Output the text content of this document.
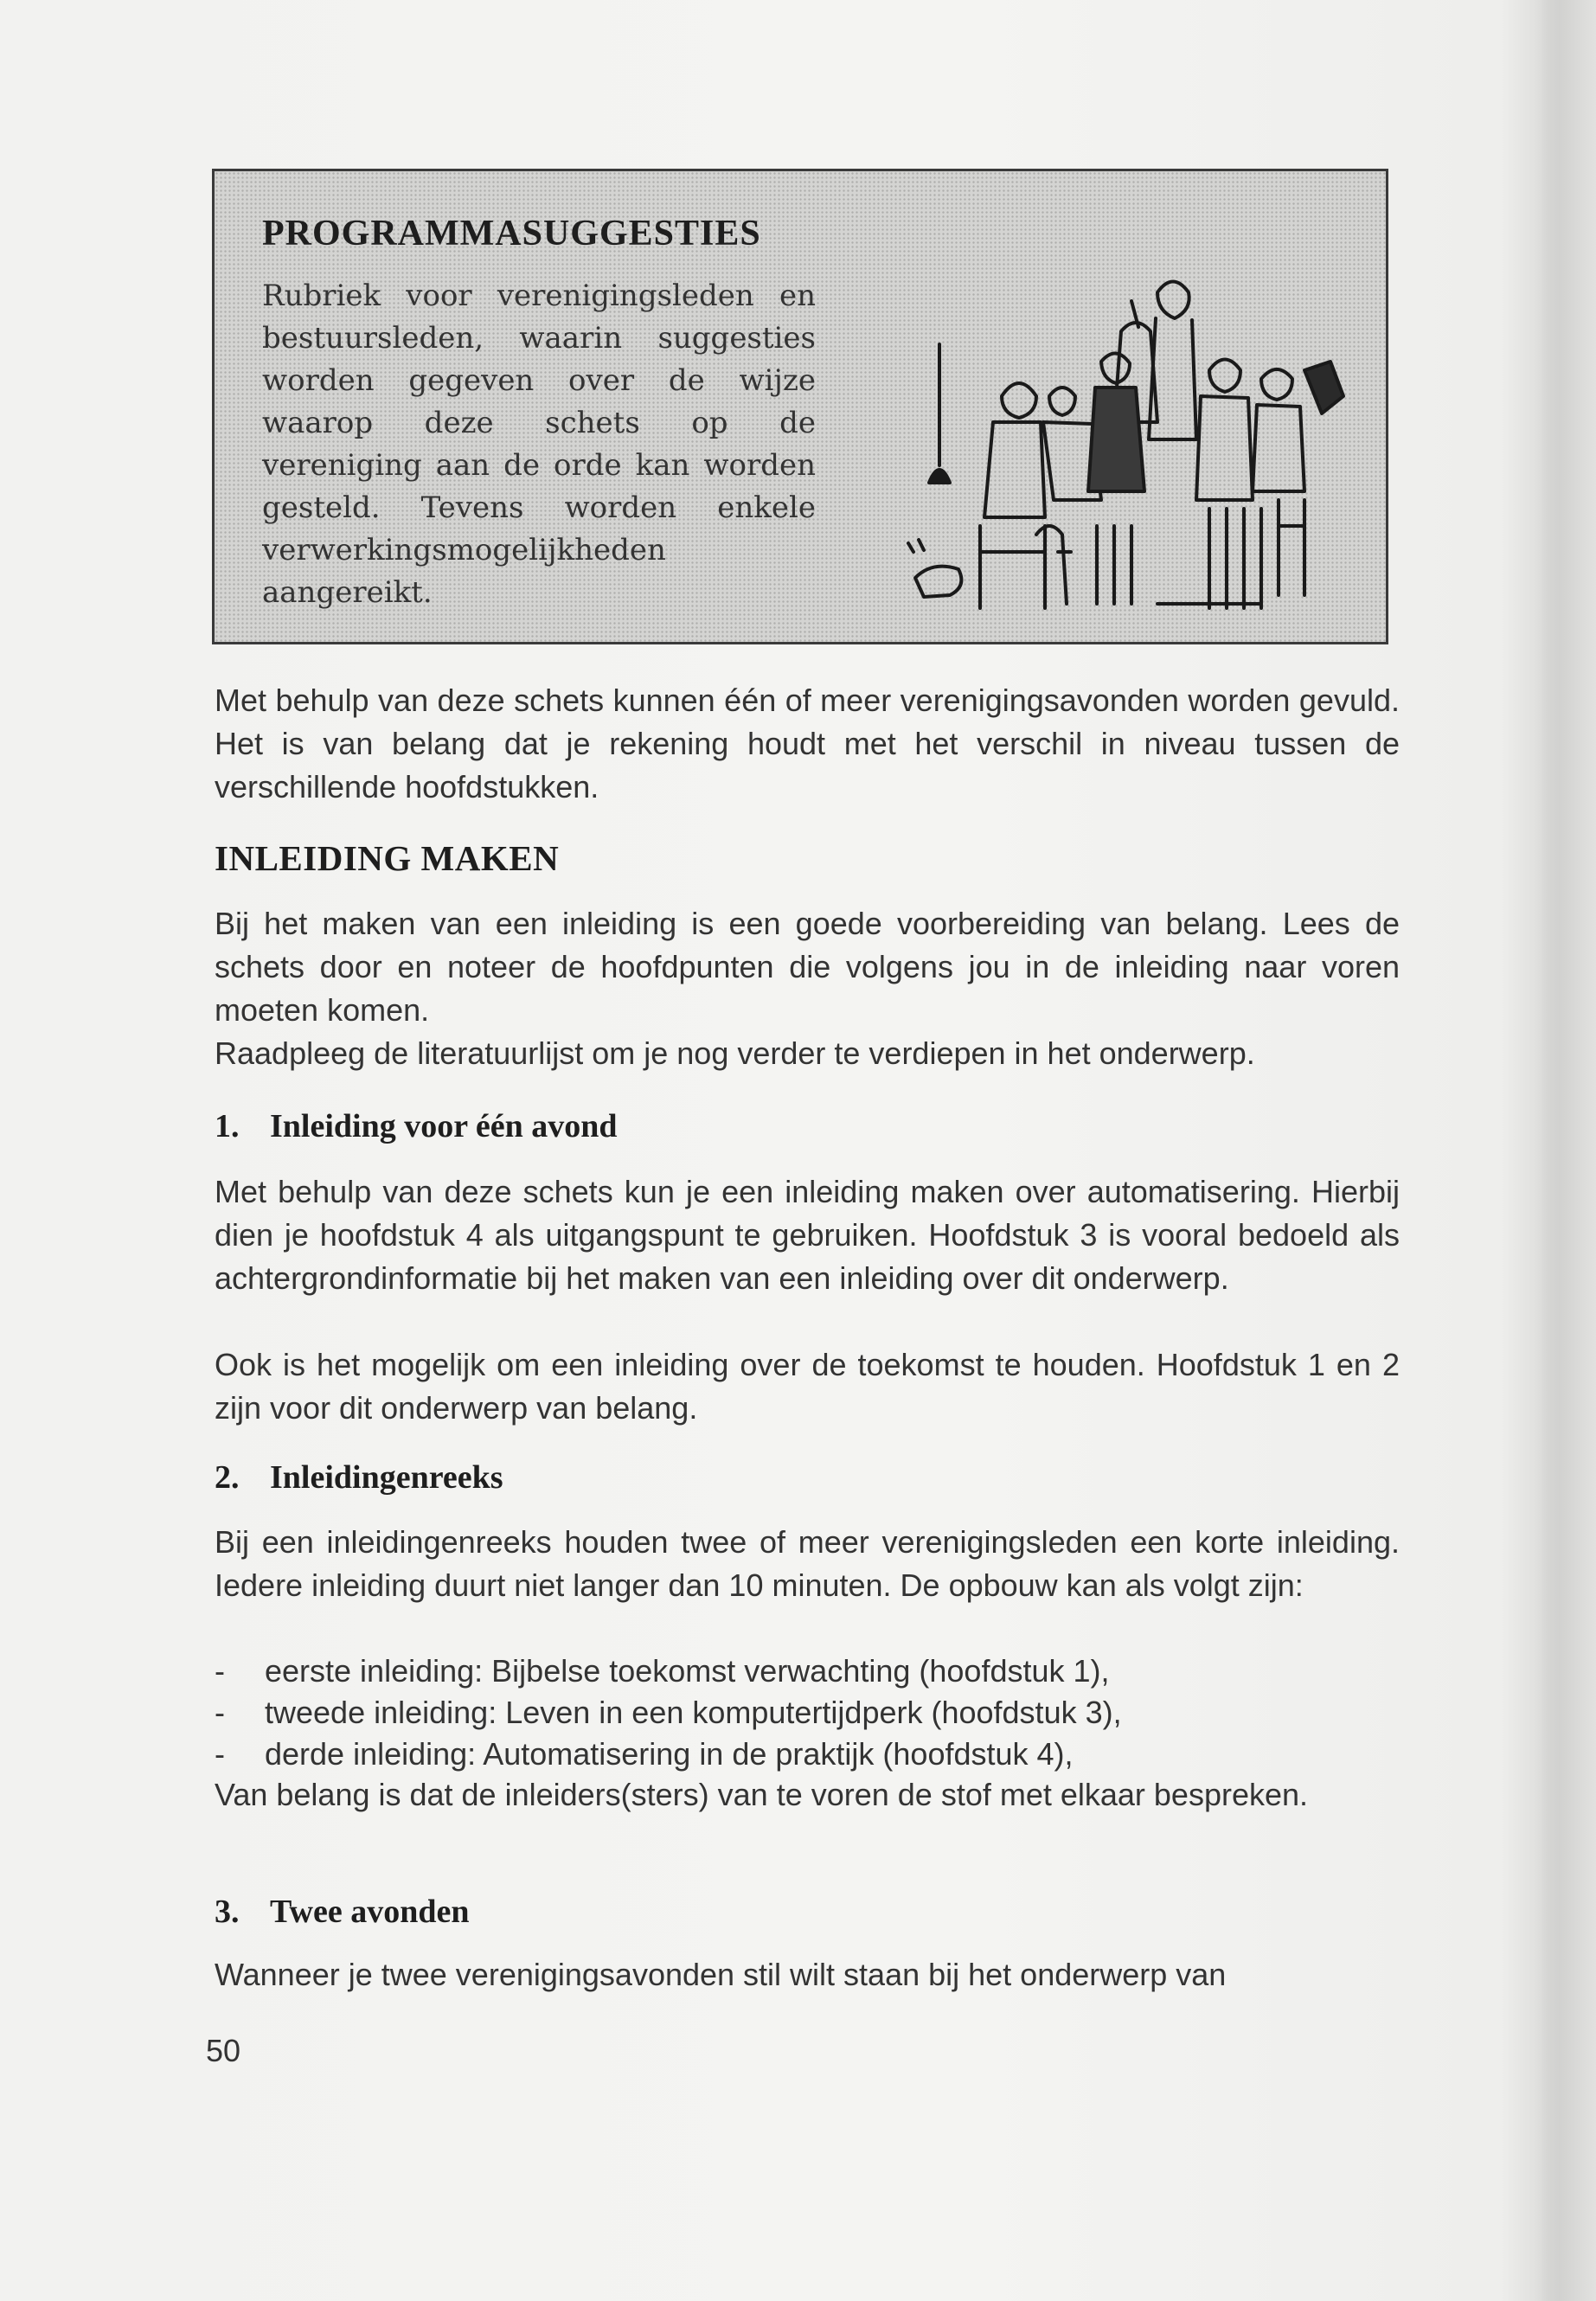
PROGRAMMASUGGESTIES
Rubriek voor verenigingsleden en bestuursleden, waarin suggesties worden gegeven over de wijze waarop deze schets op de vereniging aan de orde kan worden gesteld. Tevens worden enkele verwerkingsmogelijkheden aangereikt.

Met behulp van deze schets kunnen één of meer verenigingsavonden worden gevuld. Het is van belang dat je rekening houdt met het verschil in niveau tussen de verschillende hoofdstukken.

INLEIDING MAKEN

Bij het maken van een inleiding is een goede voorbereiding van belang. Lees de schets door en noteer de hoofdpunten die volgens jou in de inleiding naar voren moeten komen.

Raadpleeg de literatuurlijst om je nog verder te verdiepen in het onderwerp.

1. Inleiding voor één avond

Met behulp van deze schets kun je een inleiding maken over automatisering. Hierbij dien je hoofdstuk 4 als uitgangspunt te gebruiken. Hoofdstuk 3 is vooral bedoeld als achtergrondinformatie bij het maken van een inleiding over dit onderwerp.

Ook is het mogelijk om een inleiding over de toekomst te houden. Hoofdstuk 1 en 2 zijn voor dit onderwerp van belang.

2. Inleidingenreeks

Bij een inleidingenreeks houden twee of meer verenigingsleden een korte inleiding. Iedere inleiding duurt niet langer dan 10 minuten. De opbouw kan als volgt zijn:

- eerste inleiding: Bijbelse toekomst verwachting (hoofdstuk 1),
- tweede inleiding: Leven in een komputertijdperk (hoofdstuk 3),
- derde inleiding: Automatisering in de praktijk (hoofdstuk 4),

Van belang is dat de inleiders(sters) van te voren de stof met elkaar bespreken.

3. Twee avonden

Wanneer je twee verenigingsavonden stil wilt staan bij het onderwerp van

50
